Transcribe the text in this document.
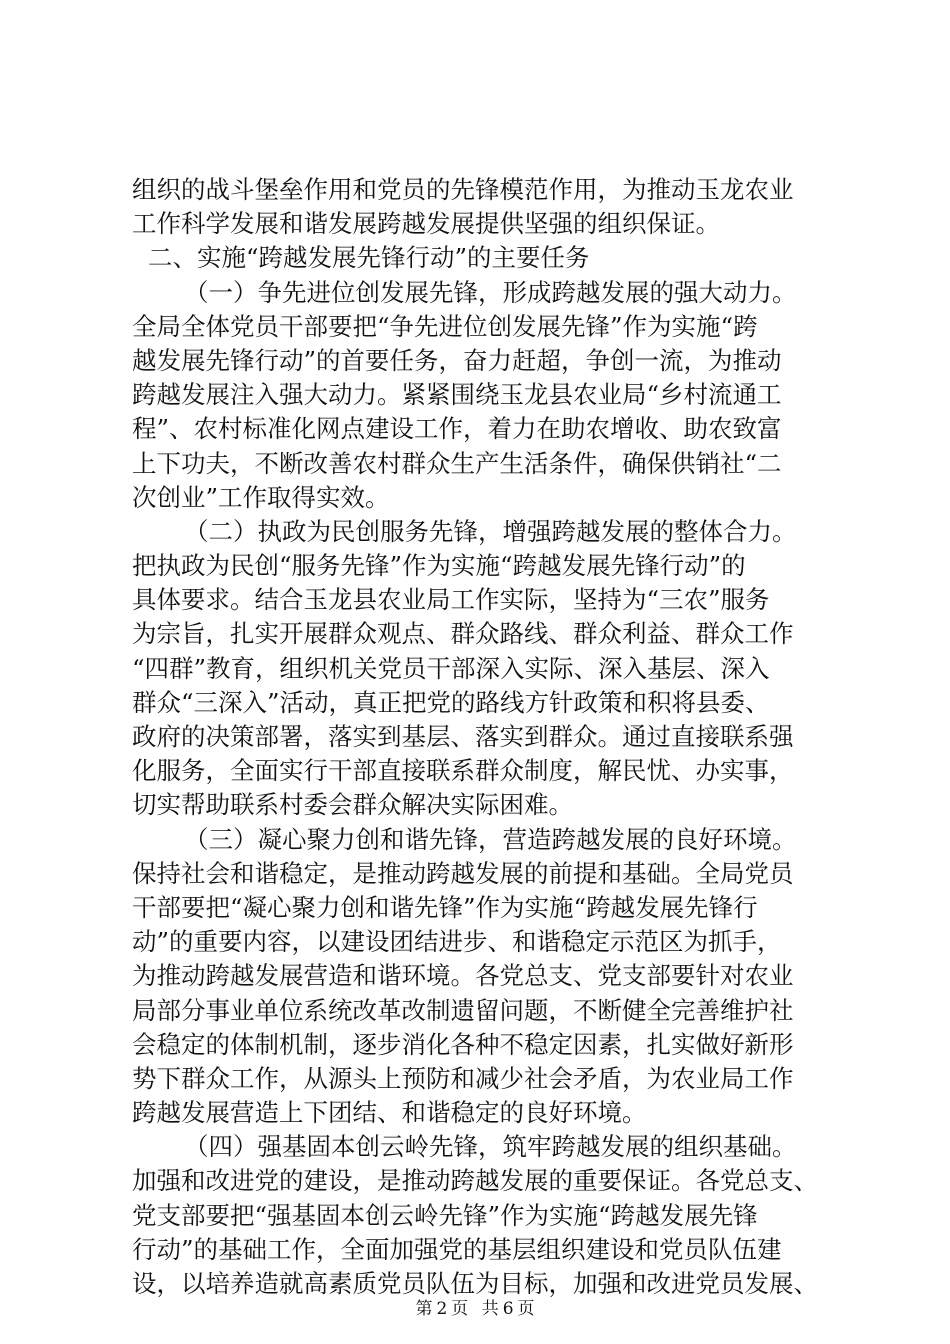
组织的战斗堡垒作用和党员的先锋模范作用，为推动玉龙农业
工作科学发展和谐发展跨越发展提供坚强的组织保证。
二、实施“跨越发展先锋行动”的主要任务
（一）争先进位创发展先锋，形成跨越发展的强大动力。
全局全体党员干部要把“争先进位创发展先锋”作为实施“跨
越发展先锋行动”的首要任务，奋力赶超，争创一流，为推动
跨越发展注入强大动力。紧紧围绕玉龙县农业局“乡村流通工
程”、农村标准化网点建设工作，着力在助农增收、助农致富
上下功夫，不断改善农村群众生产生活条件，确保供销社“二
次创业”工作取得实效。
（二）执政为民创服务先锋，增强跨越发展的整体合力。
把执政为民创“服务先锋”作为实施“跨越发展先锋行动”的
具体要求。结合玉龙县农业局工作实际，坚持为“三农”服务
为宗旨，扎实开展群众观点、群众路线、群众利益、群众工作
“四群”教育，组织机关党员干部深入实际、深入基层、深入
群众“三深入”活动，真正把党的路线方针政策和积将县委、
政府的决策部署，落实到基层、落实到群众。通过直接联系强
化服务，全面实行干部直接联系群众制度，解民忧、办实事，
切实帮助联系村委会群众解决实际困难。
（三）凝心聚力创和谐先锋，营造跨越发展的良好环境。
保持社会和谐稳定，是推动跨越发展的前提和基础。全局党员
干部要把“凝心聚力创和谐先锋”作为实施“跨越发展先锋行
动”的重要内容，以建设团结进步、和谐稳定示范区为抓手，
为推动跨越发展营造和谐环境。各党总支、党支部要针对农业
局部分事业单位系统改革改制遗留问题，不断健全完善维护社
会稳定的体制机制，逐步消化各种不稳定因素，扎实做好新形
势下群众工作，从源头上预防和减少社会矛盾，为农业局工作
跨越发展营造上下团结、和谐稳定的良好环境。
（四）强基固本创云岭先锋，筑牢跨越发展的组织基础。
加强和改进党的建设，是推动跨越发展的重要保证。各党总支、
党支部要把“强基固本创云岭先锋”作为实施“跨越发展先锋
行动”的基础工作，全面加强党的基层组织建设和党员队伍建
设，以培养造就高素质党员队伍为目标，加强和改进党员发展、
第 2 页 共 6 页
